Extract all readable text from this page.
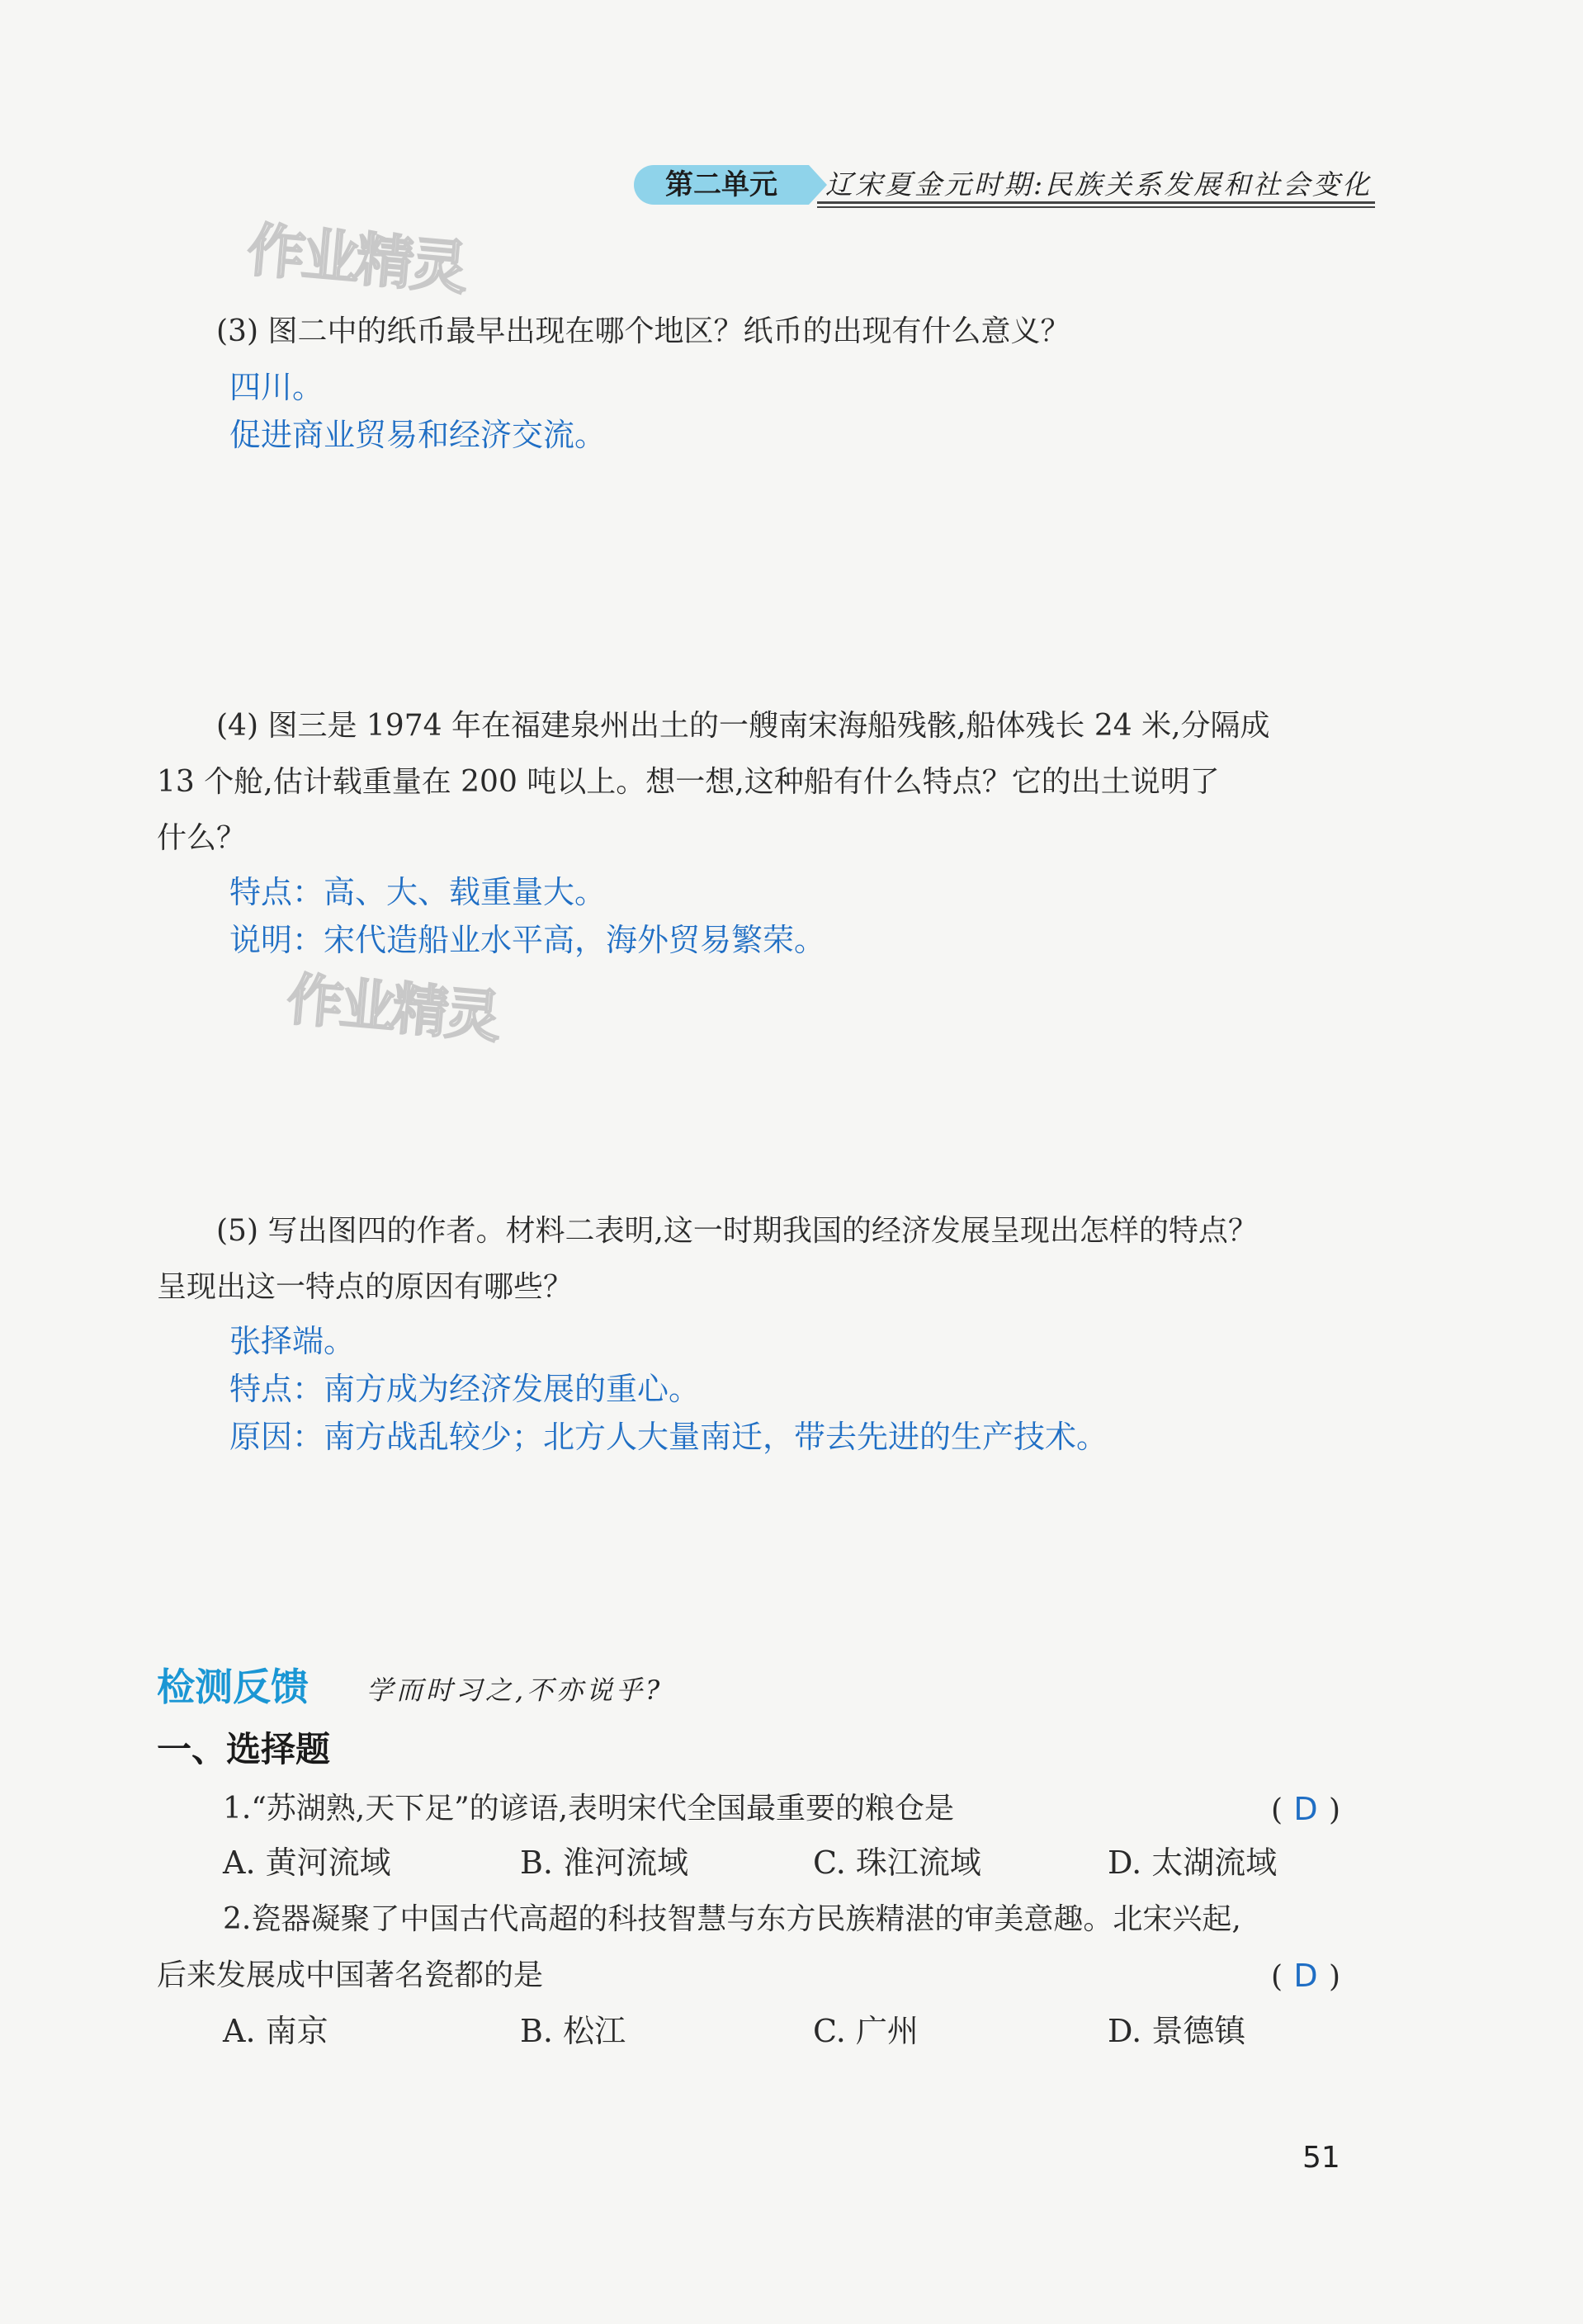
第二单元	辽宋夏金元时期:民族关系发展和社会变化
作业精灵
作业精灵
(3) 图二中的纸币最早出现在哪个地区？纸币的出现有什么意义？
四川。
促进商业贸易和经济交流。
(4) 图三是 1974 年在福建泉州出土的一艘南宋海船残骸,船体残长 24 米,分隔成
13 个舱,估计载重量在 200 吨以上。想一想,这种船有什么特点？它的出土说明了
什么？
特点：高、大、载重量大。
说明：宋代造船业水平高，海外贸易繁荣。
(5) 写出图四的作者。材料二表明,这一时期我国的经济发展呈现出怎样的特点？
呈现出这一特点的原因有哪些？
张择端。
特点：南方成为经济发展的重心。
原因：南方战乱较少；北方人大量南迁，带去先进的生产技术。
检测反馈 学而时习之,不亦说乎?
一、选择题
1.“苏湖熟,天下足”的谚语,表明宋代全国最重要的粮仓是	( D )
A. 黄河流域	B. 淮河流域	C. 珠江流域	D. 太湖流域
2.瓷器凝聚了中国古代高超的科技智慧与东方民族精湛的审美意趣。北宋兴起,
后来发展成中国著名瓷都的是	( D )
A. 南京	B. 松江	C. 广州	D. 景德镇
51
